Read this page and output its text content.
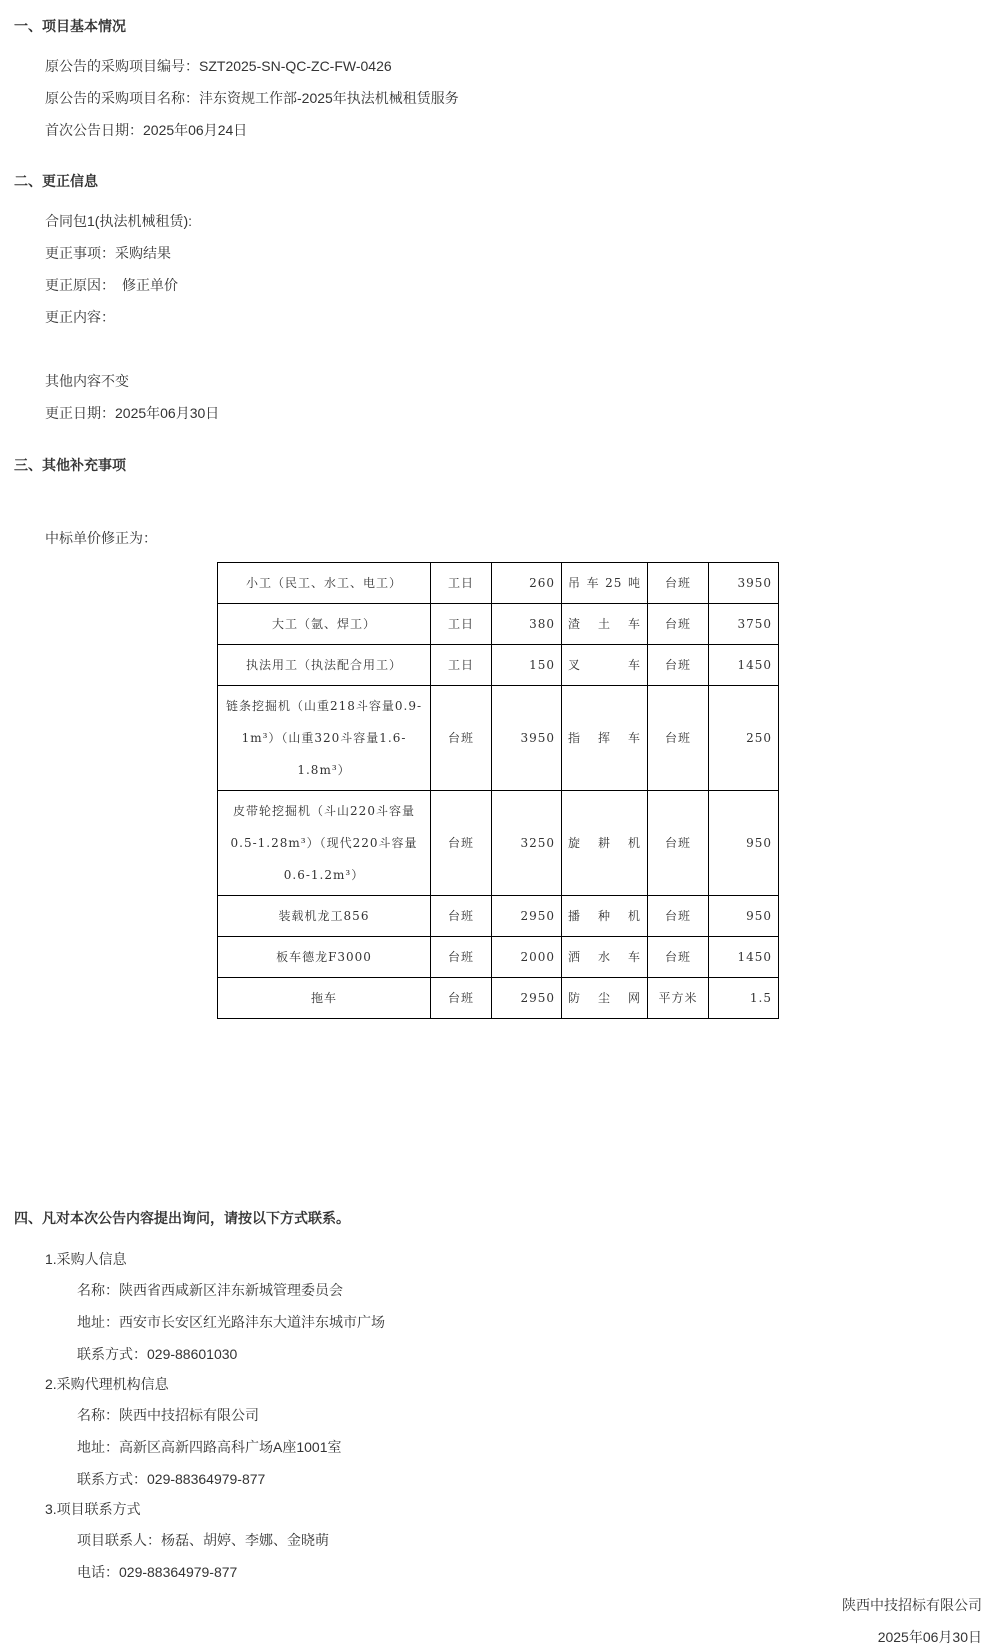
一、项目基本情况
原公告的采购项目编号：SZT2025-SN-QC-ZC-FW-0426
原公告的采购项目名称：沣东资规工作部-2025年执法机械租赁服务
首次公告日期：2025年06月24日
二、更正信息
合同包1(执法机械租赁):
更正事项：采购结果
更正原因：　修正单价
更正内容：
其他内容不变
更正日期：2025年06月30日
三、其他补充事项
中标单价修正为：
小工（民工、水工、电工）	工日	260	吊车25吨	台班	3950
大工（氩、焊工）	工日	380	渣土车	台班	3750
执法用工（执法配合用工）	工日	150	叉车	台班	1450
链条挖掘机（山重218斗容量0.9-1m³）（山重320斗容量1.6-1.8m³）	台班	3950	指挥车	台班	250
皮带轮挖掘机（斗山220斗容量0.5-1.28m³）（现代220斗容量0.6-1.2m³）	台班	3250	旋耕机	台班	950
装载机龙工856	台班	2950	播种机	台班	950
板车德龙F3000	台班	2000	洒水车	台班	1450
拖车	台班	2950	防尘网	平方米	1.5
四、凡对本次公告内容提出询问，请按以下方式联系。
1.采购人信息
名称：陕西省西咸新区沣东新城管理委员会
地址：西安市长安区红光路沣东大道沣东城市广场
联系方式：029-88601030
2.采购代理机构信息
名称：陕西中技招标有限公司
地址：高新区高新四路高科广场A座1001室
联系方式：029-88364979-877
3.项目联系方式
项目联系人：杨磊、胡婷、李娜、金晓萌
电话：029-88364979-877
陕西中技招标有限公司
2025年06月30日
